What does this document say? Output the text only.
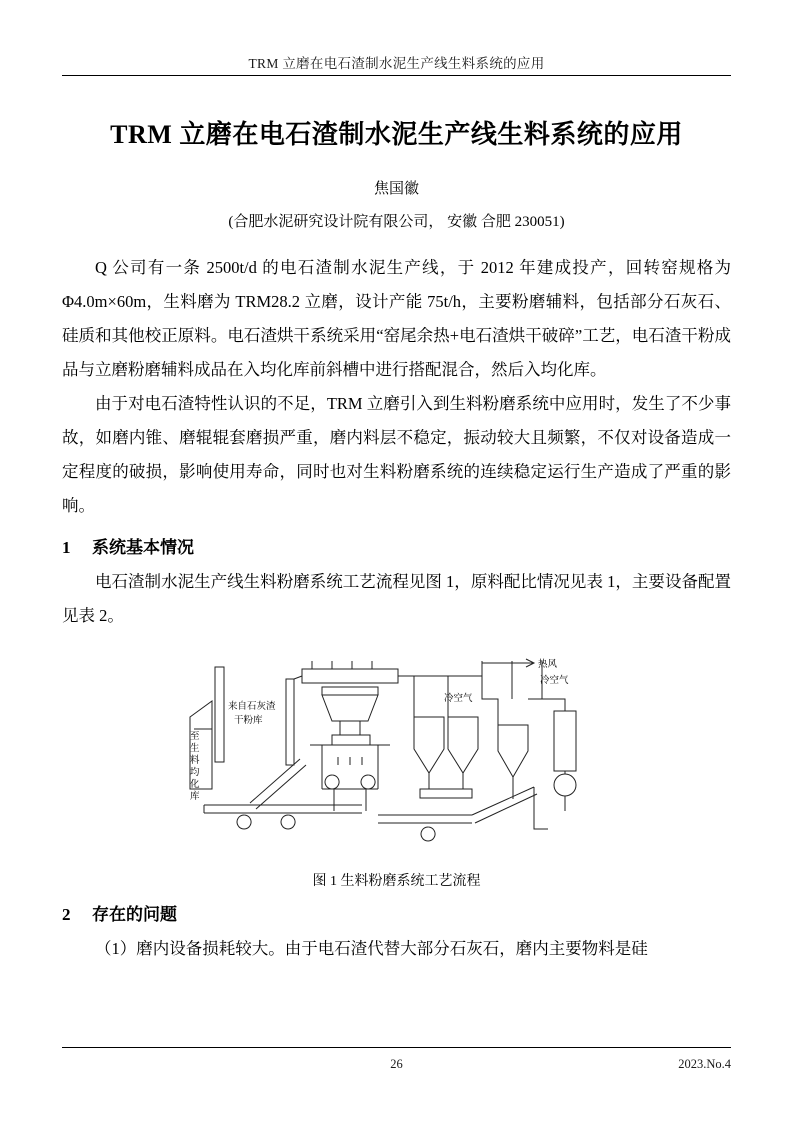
TRM 立磨在电石渣制水泥生产线生料系统的应用
TRM 立磨在电石渣制水泥生产线生料系统的应用
焦国徽
(合肥水泥研究设计院有限公司， 安徽 合肥 230051)

Q 公司有一条 2500t/d 的电石渣制水泥生产线，于 2012 年建成投产，回转窑规格为Φ4.0m×60m，生料磨为 TRM28.2 立磨，设计产能 75t/h，主要粉磨辅料，包括部分石灰石、硅质和其他校正原料。电石渣烘干系统采用“窑尾余热+电石渣烘干破碎”工艺，电石渣干粉成品与立磨粉磨辅料成品在入均化库前斜槽中进行搭配混合，然后入均化库。

由于对电石渣特性认识的不足，TRM 立磨引入到生料粉磨系统中应用时，发生了不少事故，如磨内锥、磨辊辊套磨损严重，磨内料层不稳定，振动较大且频繁，不仅对设备造成一定程度的破损，影响使用寿命，同时也对生料粉磨系统的连续稳定运行生产造成了严重的影响。

1 系统基本情况

电石渣制水泥生产线生料粉磨系统工艺流程见图 1，原料配比情况见表 1，主要设备配置见表 2。

热风
冷空气
冷空气
来自石灰渣
干粉库
至
生
料
均
化
库
图 1 生料粉磨系统工艺流程
2 存在的问题

（1）磨内设备损耗较大。由于电石渣代替大部分石灰石，磨内主要物料是硅

26	2023.No.4
